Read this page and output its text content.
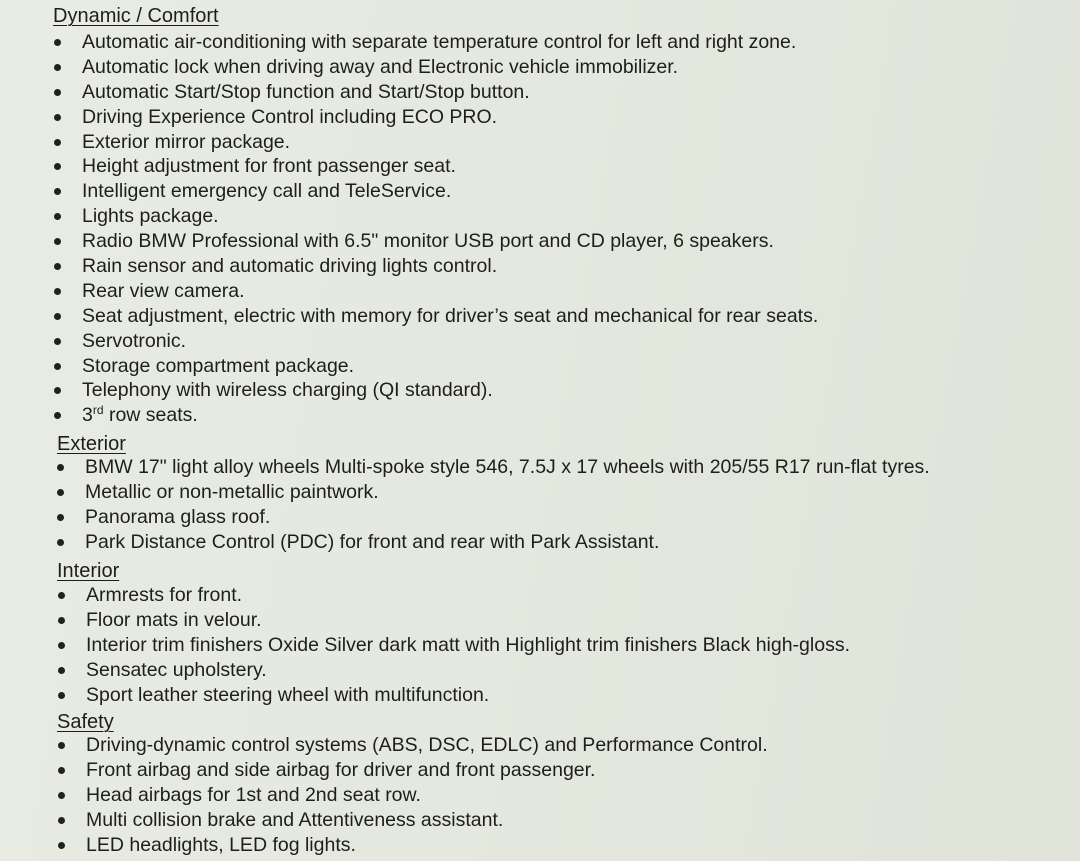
Dynamic / Comfort
Automatic air-conditioning with separate temperature control for left and right zone.
Automatic lock when driving away and Electronic vehicle immobilizer.
Automatic Start/Stop function and Start/Stop button.
Driving Experience Control including ECO PRO.
Exterior mirror package.
Height adjustment for front passenger seat.
Intelligent emergency call and TeleService.
Lights package.
Radio BMW Professional with 6.5" monitor USB port and CD player, 6 speakers.
Rain sensor and automatic driving lights control.
Rear view camera.
Seat adjustment, electric with memory for driver’s seat and mechanical for rear seats.
Servotronic.
Storage compartment package.
Telephony with wireless charging (QI standard).
3rd row seats.
Exterior
BMW 17" light alloy wheels Multi-spoke style 546, 7.5J x 17 wheels with 205/55 R17 run-flat tyres.
Metallic or non-metallic paintwork.
Panorama glass roof.
Park Distance Control (PDC) for front and rear with Park Assistant.
Interior
Armrests for front.
Floor mats in velour.
Interior trim finishers Oxide Silver dark matt with Highlight trim finishers Black high-gloss.
Sensatec upholstery.
Sport leather steering wheel with multifunction.
Safety
Driving-dynamic control systems (ABS, DSC, EDLC) and Performance Control.
Front airbag and side airbag for driver and front passenger.
Head airbags for 1st and 2nd seat row.
Multi collision brake and Attentiveness assistant.
LED headlights, LED fog lights.
